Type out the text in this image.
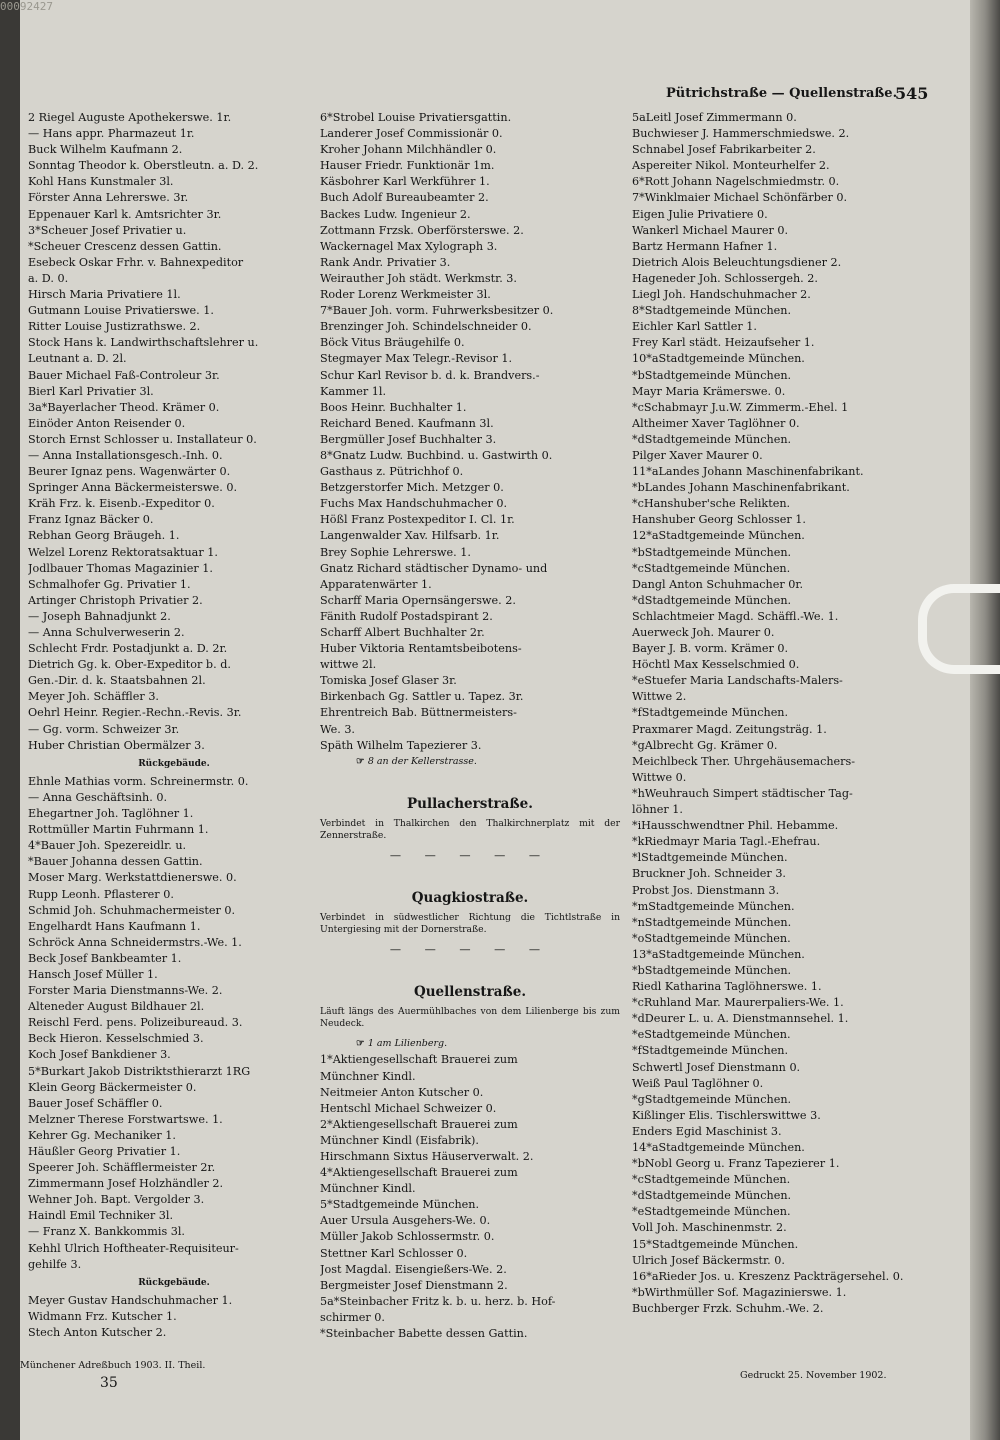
00092427
Pütrichstraße — Quellenstraße.
545
2 Riegel Auguste Apothekerswe. 1r.
— Hans appr. Pharmazeut 1r.
Buck Wilhelm Kaufmann 2.
Sonntag Theodor k. Oberstleutn. a. D. 2.
Kohl Hans Kunstmaler 3l.
Förster Anna Lehrerswe. 3r.
Eppenauer Karl k. Amtsrichter 3r.
3*Scheuer Josef Privatier u.
*Scheuer Crescenz dessen Gattin.
Esebeck Oskar Frhr. v. Bahnexpeditor
a. D. 0.
Hirsch Maria Privatiere 1l.
Gutmann Louise Privatierswe. 1.
Ritter Louise Justizrathswe. 2.
Stock Hans k. Landwirthschaftslehrer u.
Leutnant a. D. 2l.
Bauer Michael Faß-Controleur 3r.
Bierl Karl Privatier 3l.
3a*Bayerlacher Theod. Krämer 0.
Einöder Anton Reisender 0.
Storch Ernst Schlosser u. Installateur 0.
— Anna Installationsgesch.-Inh. 0.
Beurer Ignaz pens. Wagenwärter 0.
Springer Anna Bäckermeisterswe. 0.
Kräh Frz. k. Eisenb.-Expeditor 0.
Franz Ignaz Bäcker 0.
Rebhan Georg Bräugeh. 1.
Welzel Lorenz Rektoratsaktuar 1.
Jodlbauer Thomas Magazinier 1.
Schmalhofer Gg. Privatier 1.
Artinger Christoph Privatier 2.
— Joseph Bahnadjunkt 2.
— Anna Schulverweserin 2.
Schlecht Frdr. Postadjunkt a. D. 2r.
Dietrich Gg. k. Ober-Expeditor b. d.
Gen.-Dir. d. k. Staatsbahnen 2l.
Meyer Joh. Schäffler 3.
Oehrl Heinr. Regier.-Rechn.-Revis. 3r.
— Gg. vorm. Schweizer 3r.
Huber Christian Obermälzer 3.
Rückgebäude.
Ehnle Mathias vorm. Schreinermstr. 0.
— Anna Geschäftsinh. 0.
Ehegartner Joh. Taglöhner 1.
Rottmüller Martin Fuhrmann 1.
4*Bauer Joh. Spezereidlr. u.
*Bauer Johanna dessen Gattin.
Moser Marg. Werkstattdienerswe. 0.
Rupp Leonh. Pflasterer 0.
Schmid Joh. Schuhmachermeister 0.
Engelhardt Hans Kaufmann 1.
Schröck Anna Schneidermstrs.-We. 1.
Beck Josef Bankbeamter 1.
Hansch Josef Müller 1.
Forster Maria Dienstmanns-We. 2.
Alteneder August Bildhauer 2l.
Reischl Ferd. pens. Polizeibureaud. 3.
Beck Hieron. Kesselschmied 3.
Koch Josef Bankdiener 3.
5*Burkart Jakob Distriktsthierarzt 1RG
Klein Georg Bäckermeister 0.
Bauer Josef Schäffler 0.
Melzner Therese Forstwartswe. 1.
Kehrer Gg. Mechaniker 1.
Häußler Georg Privatier 1.
Speerer Joh. Schäfflermeister 2r.
Zimmermann Josef Holzhändler 2.
Wehner Joh. Bapt. Vergolder 3.
Haindl Emil Techniker 3l.
— Franz X. Bankkommis 3l.
Kehhl Ulrich Hoftheater-Requisiteur-
gehilfe 3.
Rückgebäude.
Meyer Gustav Handschuhmacher 1.
Widmann Frz. Kutscher 1.
Stech Anton Kutscher 2.
6*Strobel Louise Privatiersgattin.
Landerer Josef Commissionär 0.
Kroher Johann Milchhändler 0.
Hauser Friedr. Funktionär 1m.
Käsbohrer Karl Werkführer 1.
Buch Adolf Bureaubeamter 2.
Backes Ludw. Ingenieur 2.
Zottmann Frzsk. Oberförsterswe. 2.
Wackernagel Max Xylograph 3.
Rank Andr. Privatier 3.
Weirauther Joh städt. Werkmstr. 3.
Roder Lorenz Werkmeister 3l.
7*Bauer Joh. vorm. Fuhrwerksbesitzer 0.
Brenzinger Joh. Schindelschneider 0.
Böck Vitus Bräugehilfe 0.
Stegmayer Max Telegr.-Revisor 1.
Schur Karl Revisor b. d. k. Brandvers.-
Kammer 1l.
Boos Heinr. Buchhalter 1.
Reichard Bened. Kaufmann 3l.
Bergmüller Josef Buchhalter 3.
8*Gnatz Ludw. Buchbind. u. Gastwirth 0.
Gasthaus z. Pütrichhof 0.
Betzgerstorfer Mich. Metzger 0.
Fuchs Max Handschuhmacher 0.
Hößl Franz Postexpeditor I. Cl. 1r.
Langenwalder Xav. Hilfsarb. 1r.
Brey Sophie Lehrerswe. 1.
Gnatz Richard städtischer Dynamo- und
Apparatenwärter 1.
Scharff Maria Opernsängerswe. 2.
Fänith Rudolf Postadspirant 2.
Scharff Albert Buchhalter 2r.
Huber Viktoria Rentamtsbeibotens-
wittwe 2l.
Tomiska Josef Glaser 3r.
Birkenbach Gg. Sattler u. Tapez. 3r.
Ehrentreich Bab. Büttnermeisters-
We. 3.
Späth Wilhelm Tapezierer 3.
☞ 8 an der Kellerstrasse.
Pullacherstraße.
Verbindet in Thalkirchen den Thalkirchnerplatz mit der Zennerstraße.
— — — — —
Quagkiostraße.
Verbindet in südwestlicher Richtung die Tichtlstraße in Untergiesing mit der Dornerstraße.
— — — — —
Quellenstraße.
Läuft längs des Auermühlbaches von dem Lilienberge bis zum Neudeck.
☞ 1 am Lilienberg.
1*Aktiengesellschaft Brauerei zum
Münchner Kindl.
Neitmeier Anton Kutscher 0.
Hentschl Michael Schweizer 0.
2*Aktiengesellschaft Brauerei zum
Münchner Kindl (Eisfabrik).
Hirschmann Sixtus Häuserverwalt. 2.
4*Aktiengesellschaft Brauerei zum
Münchner Kindl.
5*Stadtgemeinde München.
Auer Ursula Ausgehers-We. 0.
Müller Jakob Schlossermstr. 0.
Stettner Karl Schlosser 0.
Jost Magdal. Eisengießers-We. 2.
Bergmeister Josef Dienstmann 2.
5a*Steinbacher Fritz k. b. u. herz. b. Hof-
schirmer 0.
*Steinbacher Babette dessen Gattin.
5aLeitl Josef Zimmermann 0.
Buchwieser J. Hammerschmiedswe. 2.
Schnabel Josef Fabrikarbeiter 2.
Aspereiter Nikol. Monteurhelfer 2.
6*Rott Johann Nagelschmiedmstr. 0.
7*Winklmaier Michael Schönfärber 0.
Eigen Julie Privatiere 0.
Wankerl Michael Maurer 0.
Bartz Hermann Hafner 1.
Dietrich Alois Beleuchtungsdiener 2.
Hageneder Joh. Schlossergeh. 2.
Liegl Joh. Handschuhmacher 2.
8*Stadtgemeinde München.
Eichler Karl Sattler 1.
Frey Karl städt. Heizaufseher 1.
10*aStadtgemeinde München.
*bStadtgemeinde München.
Mayr Maria Krämerswe. 0.
*cSchabmayr J.u.W. Zimmerm.-Ehel. 1
Altheimer Xaver Taglöhner 0.
*dStadtgemeinde München.
Pilger Xaver Maurer 0.
11*aLandes Johann Maschinenfabrikant.
*bLandes Johann Maschinenfabrikant.
*cHanshuber'sche Relikten.
Hanshuber Georg Schlosser 1.
12*aStadtgemeinde München.
*bStadtgemeinde München.
*cStadtgemeinde München.
Dangl Anton Schuhmacher 0r.
*dStadtgemeinde München.
Schlachtmeier Magd. Schäffl.-We. 1.
Auerweck Joh. Maurer 0.
Bayer J. B. vorm. Krämer 0.
Höchtl Max Kesselschmied 0.
*eStuefer Maria Landschafts-Malers-
Wittwe 2.
*fStadtgemeinde München.
Praxmarer Magd. Zeitungsträg. 1.
*gAlbrecht Gg. Krämer 0.
Meichlbeck Ther. Uhrgehäusemachers-
Wittwe 0.
*hWeuhrauch Simpert städtischer Tag-
löhner 1.
*iHausschwendtner Phil. Hebamme.
*kRiedmayr Maria Tagl.-Ehefrau.
*lStadtgemeinde München.
Bruckner Joh. Schneider 3.
Probst Jos. Dienstmann 3.
*mStadtgemeinde München.
*nStadtgemeinde München.
*oStadtgemeinde München.
13*aStadtgemeinde München.
*bStadtgemeinde München.
Riedl Katharina Taglöhnerswe. 1.
*cRuhland Mar. Maurerpaliers-We. 1.
*dDeurer L. u. A. Dienstmannsehel. 1.
*eStadtgemeinde München.
*fStadtgemeinde München.
Schwertl Josef Dienstmann 0.
Weiß Paul Taglöhner 0.
*gStadtgemeinde München.
Kißlinger Elis. Tischlerswittwe 3.
Enders Egid Maschinist 3.
14*aStadtgemeinde München.
*bNobl Georg u. Franz Tapezierer 1.
*cStadtgemeinde München.
*dStadtgemeinde München.
*eStadtgemeinde München.
Voll Joh. Maschinenmstr. 2.
15*Stadtgemeinde München.
Ulrich Josef Bäckermstr. 0.
16*aRieder Jos. u. Kreszenz Packträgersehel. 0.
*bWirthmüller Sof. Magazinierswe. 1.
Buchberger Frzk. Schuhm.-We. 2.
Münchener Adreßbuch 1903. II. Theil.
35	Gedruckt 25. November 1902.
